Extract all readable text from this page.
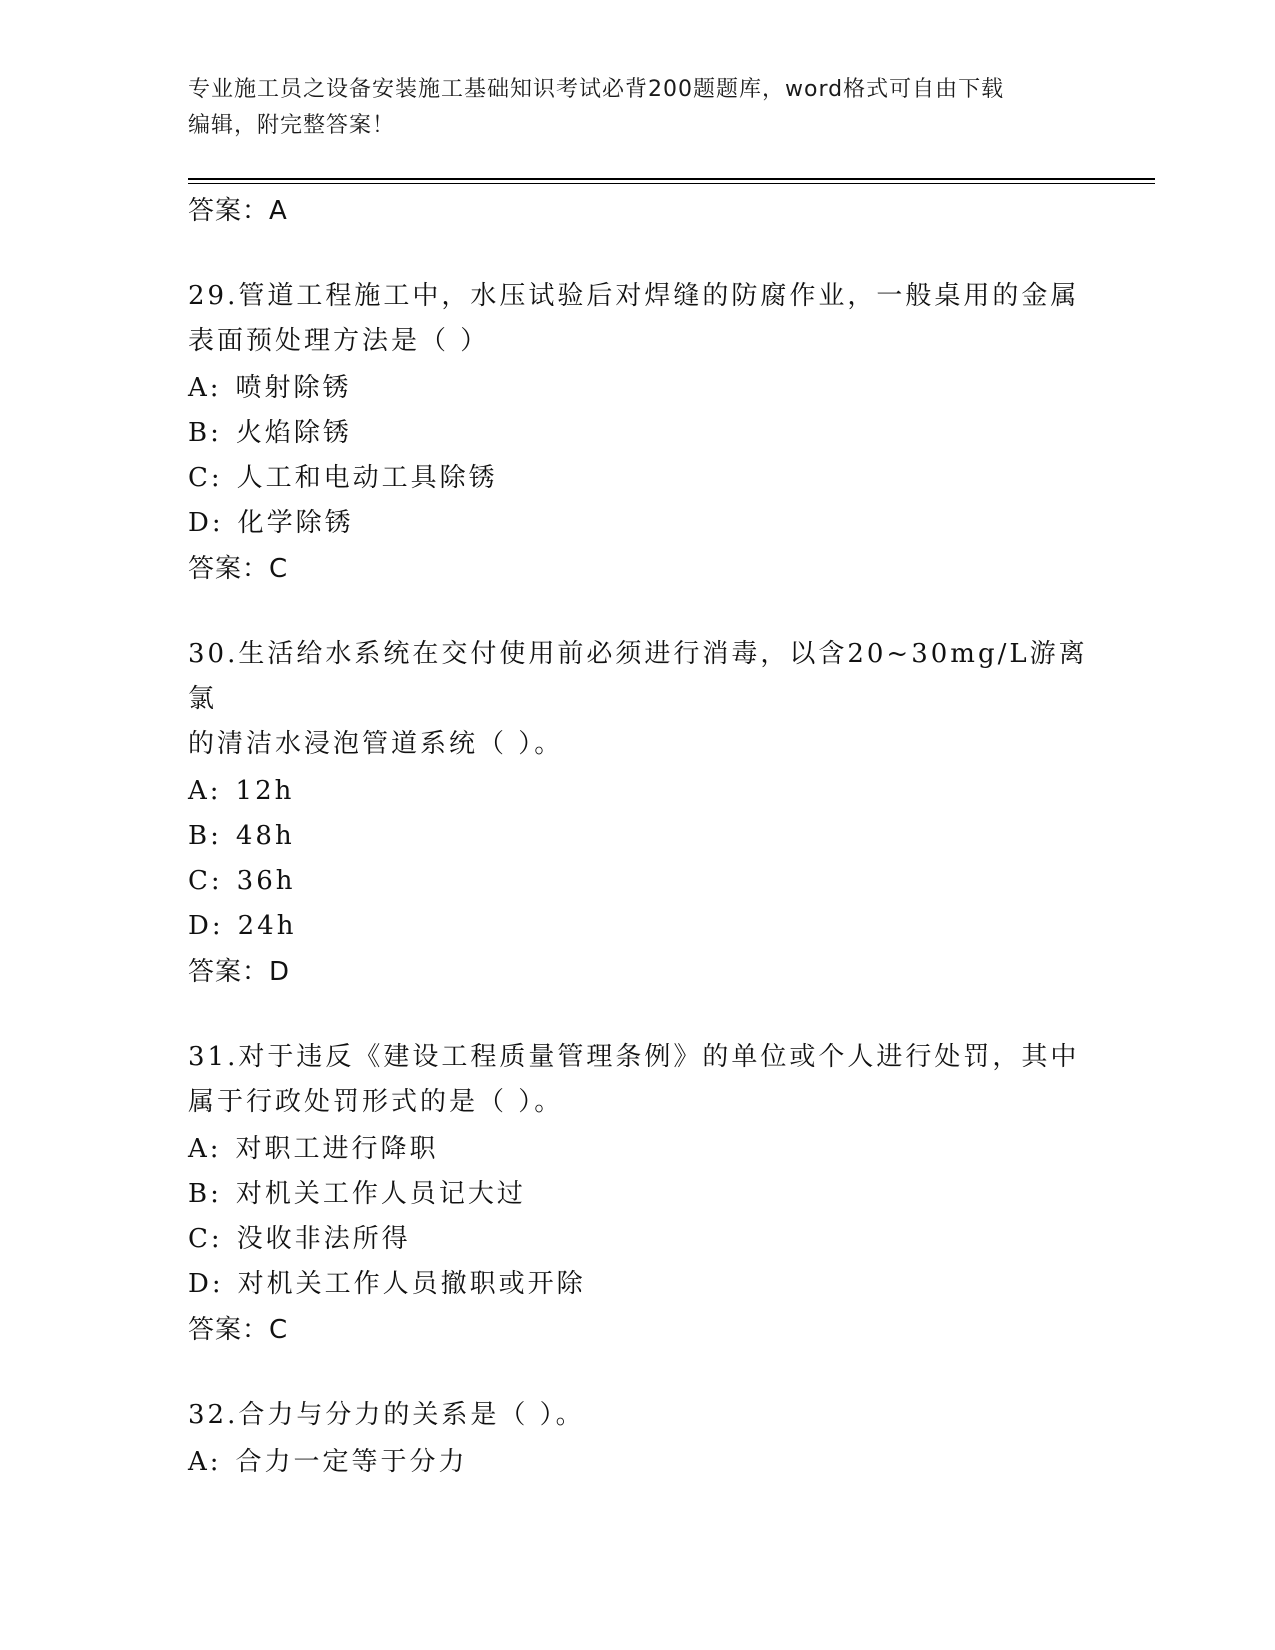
专业施工员之设备安装施工基础知识考试必背200题题库，word格式可自由下载
编辑，附完整答案！

答案：A

29.管道工程施工中，水压试验后对焊缝的防腐作业，一般桌用的金属
表面预处理方法是（ ）

A: 喷射除锈

B: 火焰除锈

C: 人工和电动工具除锈

D: 化学除锈

答案：C

30.生活给水系统在交付使用前必须进行消毒，以含20~30mg/L游离氯
的清洁水浸泡管道系统（ ）。

A: 12h

B: 48h

C: 36h

D: 24h

答案：D

31.对于违反《建设工程质量管理条例》的单位或个人进行处罚，其中
属于行政处罚形式的是（ ）。

A: 对职工进行降职

B: 对机关工作人员记大过

C: 没收非法所得

D: 对机关工作人员撤职或开除

答案：C

32.合力与分力的关系是（ ）。

A: 合力一定等于分力
